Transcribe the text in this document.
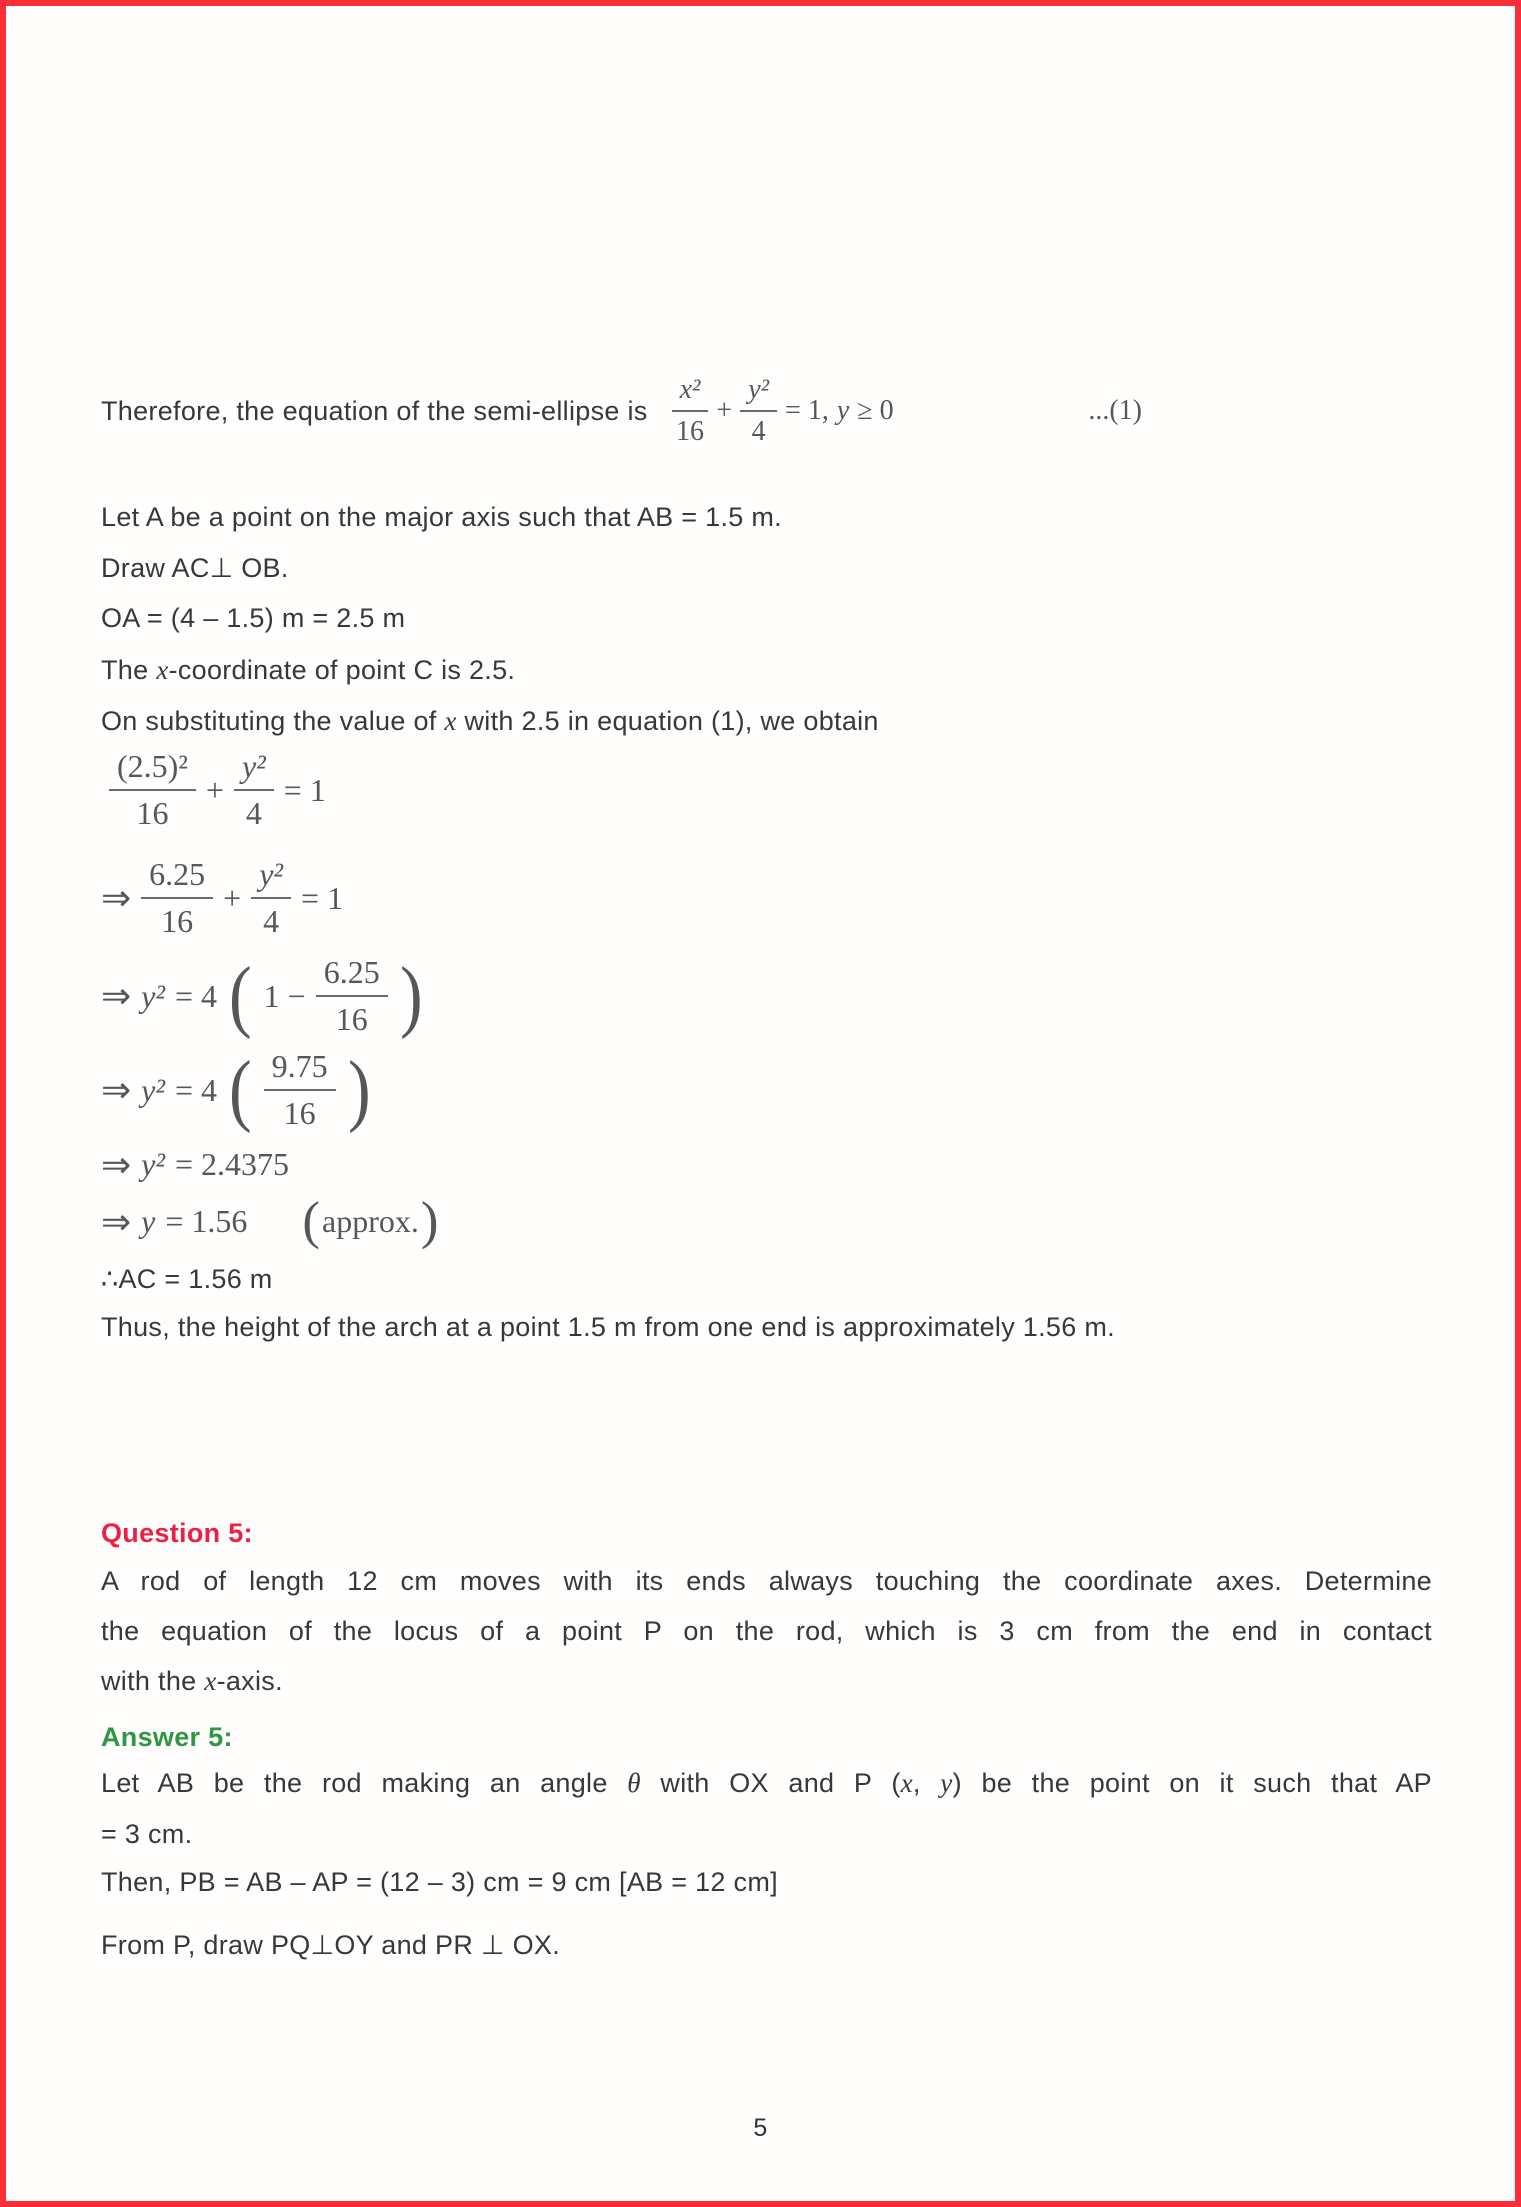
Therefore, the equation of the semi-ellipse is $\frac{\text{x²}}{16} + \frac{\text{y²}}{4} = 1$, y ≥ 0	...(1)
Let A be a point on the major axis such that AB = 1.5 m.
Draw AC⊥ OB.
OA = (4 – 1.5) m = 2.5 m
The x-coordinate of point C is 2.5.
On substituting the value of x with 2.5 in equation (1), we obtain
$\frac{\text{(2.5)²}}{16} + \frac{\text{y²}}{4} = 1$
⇒ $\frac{6.25}{16} + \frac{\text{y²}}{4} = 1$
⇒ y² = 4 ( $1 - \frac{6.25}{16}$ )
⇒ y² = 4 ( $\frac{9.75}{16}$ )
⇒ y² = 2.4375
⇒ y = 1.56 ( approx. )
∴AC = 1.56 m
Thus, the height of the arch at a point 1.5 m from one end is approximately 1.56 m.
Question 5:
A rod of length 12 cm moves with its ends always touching the coordinate axes. Determine
the equation of the locus of a point P on the rod, which is 3 cm from the end in contact
with the x-axis.
Answer 5:
Let AB be the rod making an angle θ with OX and P (x, y) be the point on it such that AP
= 3 cm.
Then, PB = AB – AP = (12 – 3) cm = 9 cm [AB = 12 cm]
From P, draw PQ⊥OY and PR ⊥ OX.
5
